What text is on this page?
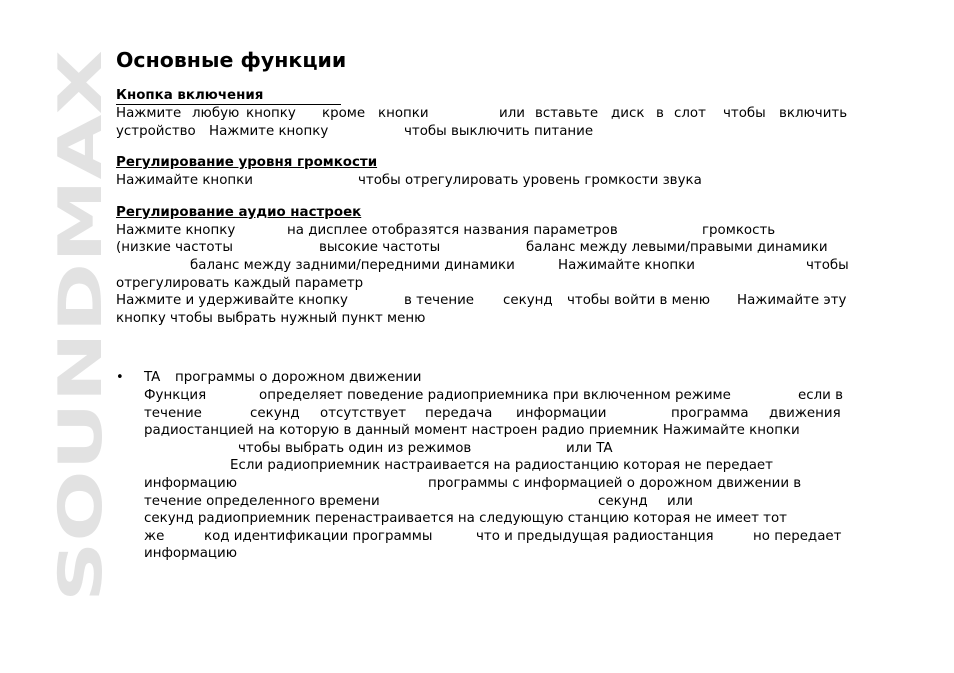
SOUNDMAX
Основные функции
Кнопка включения
Нажмите любую кнопку кроме кнопки	или вставьте диск в слот чтобы включить
устройство Нажмите кнопку	чтобы выключить питание
Регулирование уровня громкости
Нажимайте кнопки	чтобы отрегулировать уровень громкости звука
Регулирование аудио настроек
Нажмите кнопку	на дисплее отобразятся названия параметров	громкость
(низкие частоты	высокие частоты	баланс между левыми/правыми динамики
баланс между задними/передними динамики	Нажимайте кнопки	чтобы
отрегулировать каждый параметр
Нажмите и удерживайте кнопку	в течение секунд чтобы войти в меню Нажимайте эту
кнопку чтобы выбрать нужный пункт меню
• TA программы о дорожном движении
Функция	определяет поведение радиоприемника при включенном режиме	если в
течение	секунд отсутствует передача информации	программа движения
радиостанцией на которую в данный момент настроен радио приемник Нажимайте кнопки
чтобы выбрать один из режимов	или TA
Если радиоприемник настраивается на радиостанцию которая не передает
информацию	программы с информацией о дорожном движении в
течение определенного времени	секунд или
секунд радиоприемник перенастраивается на следующую станцию которая не имеет тот
же	код идентификации программы	что и предыдущая радиостанция	но передает
информацию
